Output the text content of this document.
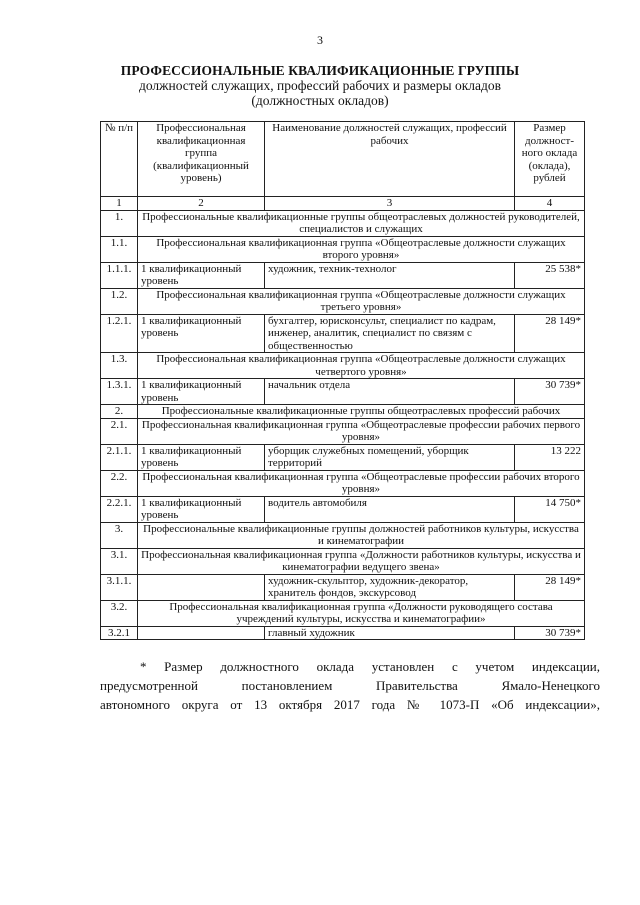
3
ПРОФЕССИОНАЛЬНЫЕ КВАЛИФИКАЦИОННЫЕ ГРУППЫ
должностей служащих, профессий рабочих и размеры окладов
(должностных окладов)
№ п/п	Профессиональная квалификационная группа (квалификационный уровень)	Наименование должностей служащих, профессий рабочих	Размер должност-ного оклада (оклада), рублей
1	2	3	4
1.	Профессиональные квалификационные группы общеотраслевых должностей руководителей, специалистов и служащих		
1.1.	Профессиональная квалификационная группа «Общеотраслевые должности служащих второго уровня»		
1.1.1.	1 квалификационный уровень	художник, техник-технолог	25 538*
1.2.	Профессиональная квалификационная группа «Общеотраслевые должности служащих третьего уровня»		
1.2.1.	1 квалификационный уровень	бухгалтер, юрисконсульт, специалист по кадрам, инженер, аналитик, специалист по связям с общественностью	28 149*
1.3.	Профессиональная квалификационная группа «Общеотраслевые должности служащих четвертого уровня»		
1.3.1.	1 квалификационный уровень	начальник отдела	30 739*
2.	Профессиональные квалификационные группы общеотраслевых профессий рабочих		
2.1.	Профессиональная квалификационная группа «Общеотраслевые профессии рабочих первого уровня»		
2.1.1.	1 квалификационный уровень	уборщик служебных помещений, уборщик территорий	13 222
2.2.	Профессиональная квалификационная группа «Общеотраслевые профессии рабочих второго уровня»		
2.2.1.	1 квалификационный уровень	водитель автомобиля	14 750*
3.	Профессиональные квалификационные группы должностей работников культуры, искусства и кинематографии		
3.1.	Профессиональная квалификационная группа «Должности работников культуры, искусства и кинематографии ведущего звена»		
3.1.1.		художник-скульптор, художник-декоратор, хранитель фондов, экскурсовод	28 149*
3.2.	Профессиональная квалификационная группа «Должности руководящего состава учреждений культуры, искусства и кинематографии»		
3.2.1		главный художник	30 739*
* Размер должностного оклада установлен с учетом индексации,
предусмотренной постановлением Правительства Ямало-Ненецкого
автономного округа от 13 октября 2017 года № 1073-П «Об индексации»,
